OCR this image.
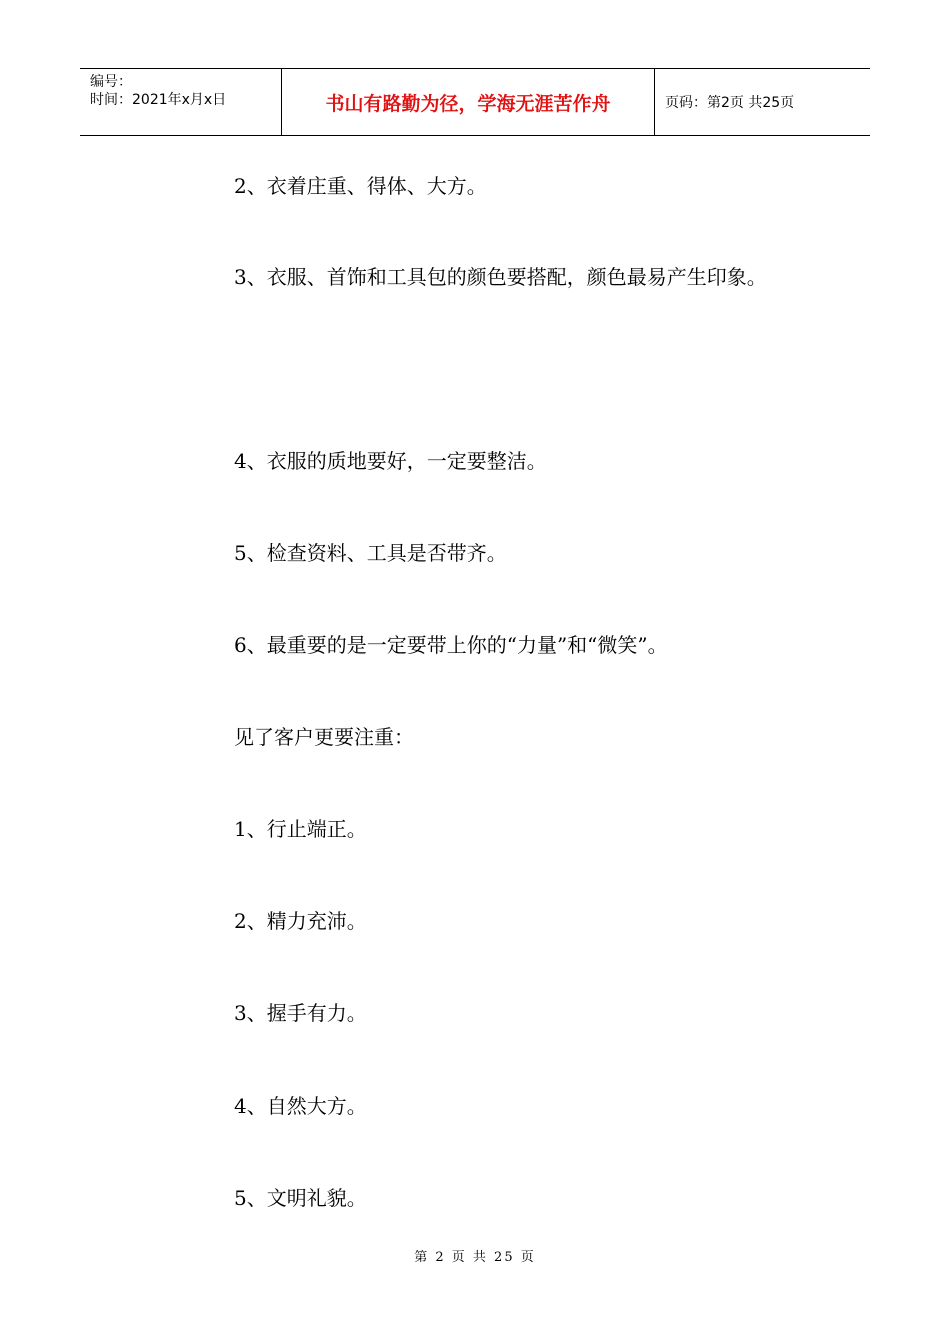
编号：
时间：2021年x月x日	书山有路勤为径，学海无涯苦作舟	页码：第2页 共25页
2、衣着庄重、得体、大方。
3、衣服、首饰和工具包的颜色要搭配，颜色最易产生印象。
4、衣服的质地要好，一定要整洁。
5、检查资料、工具是否带齐。
6、最重要的是一定要带上你的“力量”和“微笑”。
见了客户更要注重：
1、行止端正。
2、精力充沛。
3、握手有力。
4、自然大方。
5、文明礼貌。
第 2 页 共 25 页
